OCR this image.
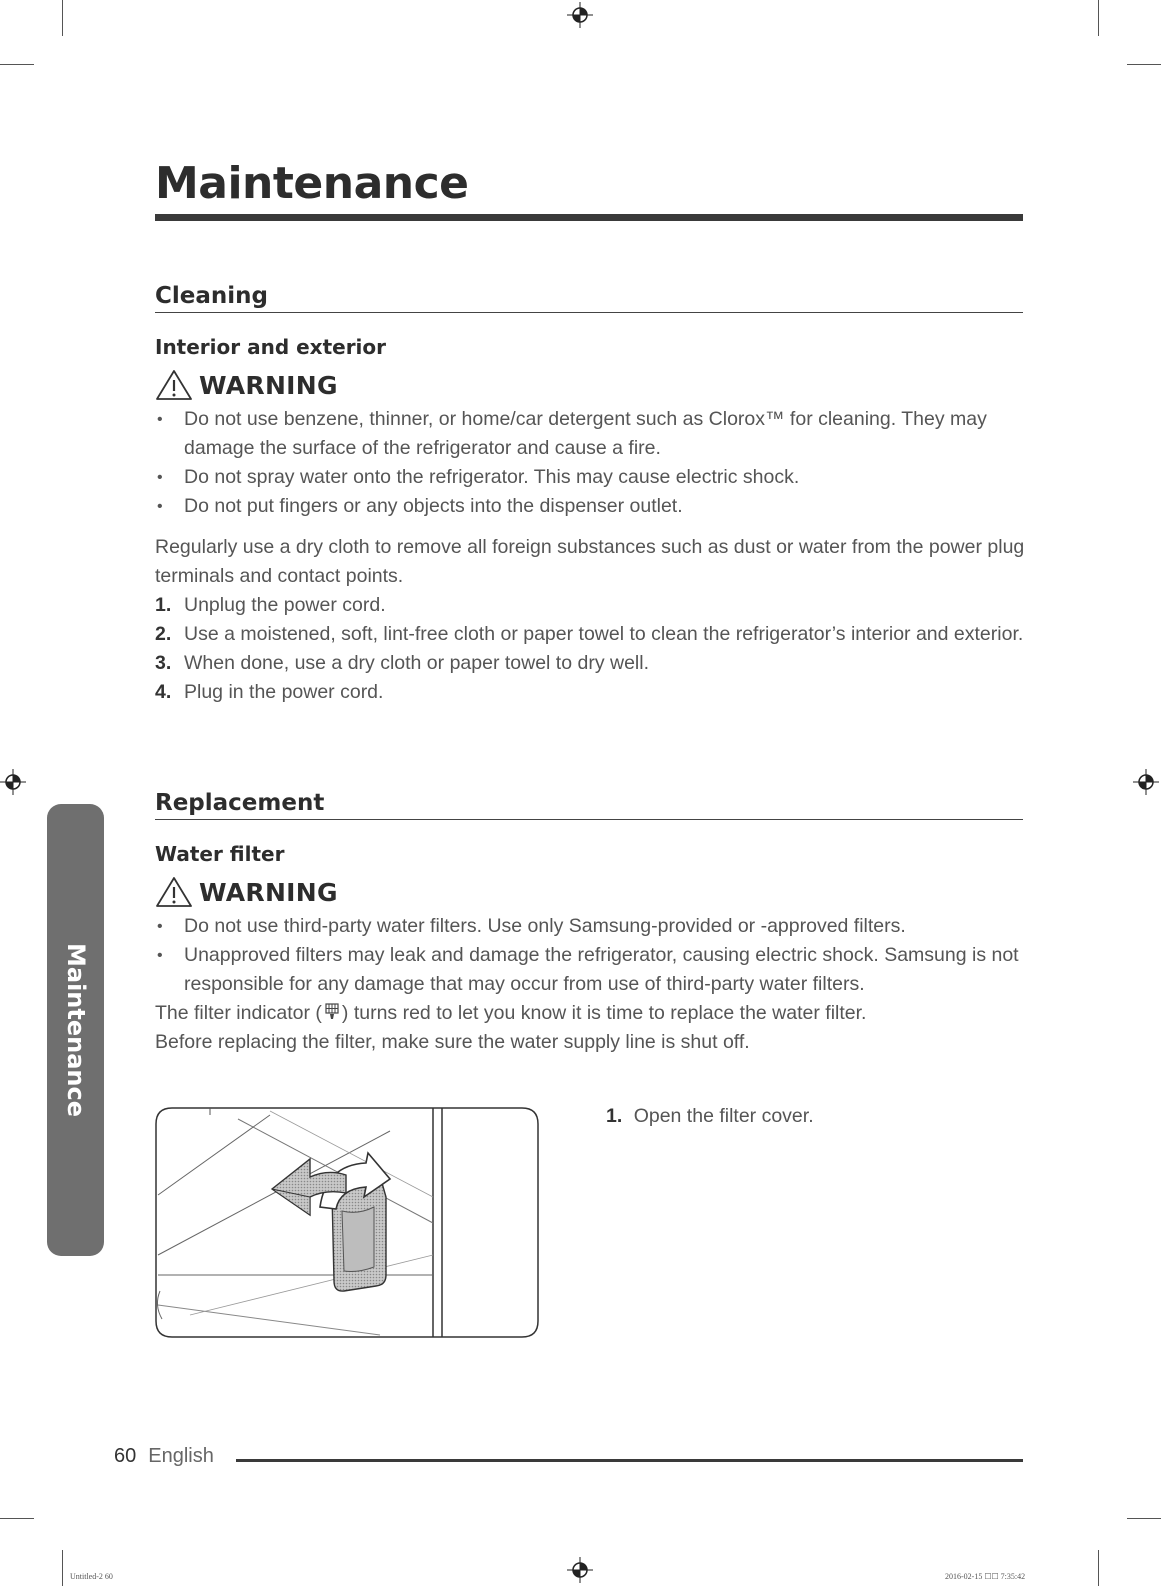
Maintenance
Maintenance
Cleaning
Interior and exterior
WARNING
• Do not use benzene, thinner, or home/car detergent such as Clorox™ for cleaning. They may damage the surface of the refrigerator and cause a fire.
• Do not spray water onto the refrigerator. This may cause electric shock.
• Do not put fingers or any objects into the dispenser outlet.

Regularly use a dry cloth to remove all foreign substances such as dust or water from the power plug terminals and contact points.

1. Unplug the power cord.
2. Use a moistened, soft, lint-free cloth or paper towel to clean the refrigerator’s interior and exterior.
3. When done, use a dry cloth or paper towel to dry well.
4. Plug in the power cord.
Replacement
Water filter
WARNING
• Do not use third-party water filters. Use only Samsung-provided or -approved filters.
• Unapproved filters may leak and damage the refrigerator, causing electric shock. Samsung is not responsible for any damage that may occur from use of third-party water filters.

The filter indicator ( ) turns red to let you know it is time to replace the water filter.

Before replacing the filter, make sure the water supply line is shut off.

1. Open the filter cover.
60 English
Untitled-2 60	2016-02-15 ☐☐ 7:35:42
